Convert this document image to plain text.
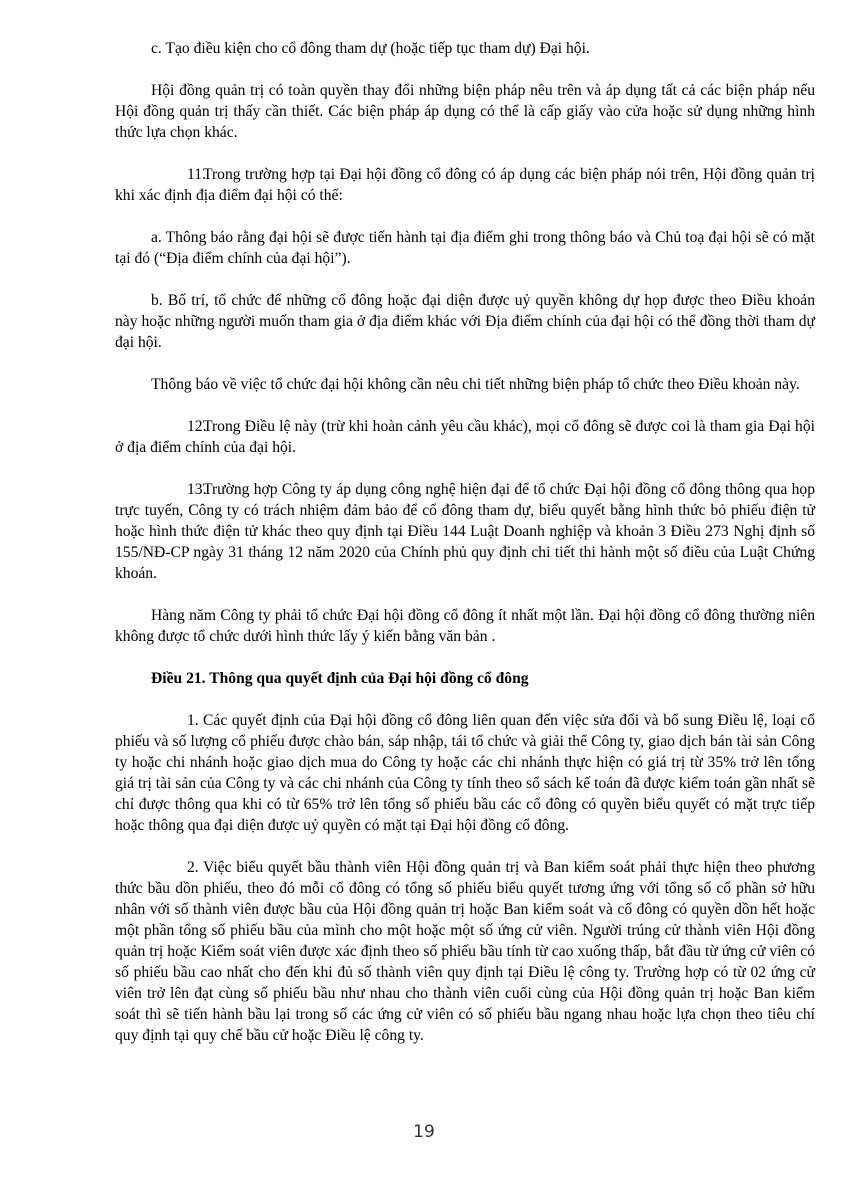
c. Tạo điều kiện cho cổ đông tham dự (hoặc tiếp tục tham dự) Đại hội.

Hội đồng quản trị có toàn quyền thay đổi những biện pháp nêu trên và áp dụng tất cả các biện pháp nếu Hội đồng quản trị thấy cần thiết. Các biện pháp áp dụng có thể là cấp giấy vào cửa hoặc sử dụng những hình thức lựa chọn khác.

11.Trong trường hợp tại Đại hội đồng cổ đông có áp dụng các biện pháp nói trên, Hội đồng quản trị khi xác định địa điểm đại hội có thể:

a. Thông báo rằng đại hội sẽ được tiến hành tại địa điểm ghi trong thông báo và Chủ toạ đại hội sẽ có mặt tại đó (“Địa điểm chính của đại hội”).

b. Bố trí, tổ chức để những cổ đông hoặc đại diện được uỷ quyền không dự họp được theo Điều khoản này hoặc những người muốn tham gia ở địa điểm khác với Địa điểm chính của đại hội có thể đồng thời tham dự đại hội.

Thông báo về việc tổ chức đại hội không cần nêu chi tiết những biện pháp tổ chức theo Điều khoản này.

12.Trong Điều lệ này (trừ khi hoàn cảnh yêu cầu khác), mọi cổ đông sẽ được coi là tham gia Đại hội ở địa điểm chính của đại hội.

13.Trường hợp Công ty áp dụng công nghệ hiện đại để tổ chức Đại hội đồng cổ đông thông qua họp trực tuyến, Công ty có trách nhiệm đảm bảo để cổ đông tham dự, biểu quyết bằng hình thức bỏ phiếu điện tử hoặc hình thức điện tử khác theo quy định tại Điều 144 Luật Doanh nghiệp và khoản 3 Điều 273 Nghị định số 155/NĐ-CP ngày 31 tháng 12 năm 2020 của Chính phủ quy định chi tiết thi hành một số điều của Luật Chứng khoán.

Hàng năm Công ty phải tổ chức Đại hội đồng cổ đông ít nhất một lần. Đại hội đồng cổ đông thường niên không được tổ chức dưới hình thức lấy ý kiến bằng văn bản .

Điều 21. Thông qua quyết định của Đại hội đồng cổ đông

1. Các quyết định của Đại hội đồng cổ đông liên quan đến việc sửa đổi và bổ sung Điều lệ, loại cổ phiếu và số lượng cổ phiếu được chào bán, sáp nhập, tái tổ chức và giải thể Công ty, giao dịch bán tài sản Công ty hoặc chi nhánh hoặc giao dịch mua do Công ty hoặc các chi nhánh thực hiện có giá trị từ 35% trở lên tổng giá trị tài sản của Công ty và các chi nhánh của Công ty tính theo sổ sách kế toán đã được kiểm toán gần nhất sẽ chỉ được thông qua khi có từ 65% trở lên tổng số phiếu bầu các cổ đông có quyền biểu quyết có mặt trực tiếp hoặc thông qua đại diện được uỷ quyền có mặt tại Đại hội đồng cổ đông.

2. Việc biểu quyết bầu thành viên Hội đồng quản trị và Ban kiểm soát phải thực hiện theo phương thức bầu dồn phiếu, theo đó mỗi cổ đông có tổng số phiếu biểu quyết tương ứng với tổng số cổ phần sở hữu nhân với số thành viên được bầu của Hội đồng quản trị hoặc Ban kiểm soát và cổ đông có quyền dồn hết hoặc một phần tổng số phiếu bầu của mình cho một hoặc một số ứng cử viên. Người trúng cử thành viên Hội đồng quản trị hoặc Kiểm soát viên được xác định theo số phiếu bầu tính từ cao xuống thấp, bắt đầu từ ứng cử viên có số phiếu bầu cao nhất cho đến khi đủ số thành viên quy định tại Điều lệ công ty. Trường hợp có từ 02 ứng cử viên trở lên đạt cùng số phiếu bầu như nhau cho thành viên cuối cùng của Hội đồng quản trị hoặc Ban kiểm soát thì sẽ tiến hành bầu lại trong số các ứng cử viên có số phiếu bầu ngang nhau hoặc lựa chọn theo tiêu chí quy định tại quy chế bầu cử hoặc Điều lệ công ty.

19
